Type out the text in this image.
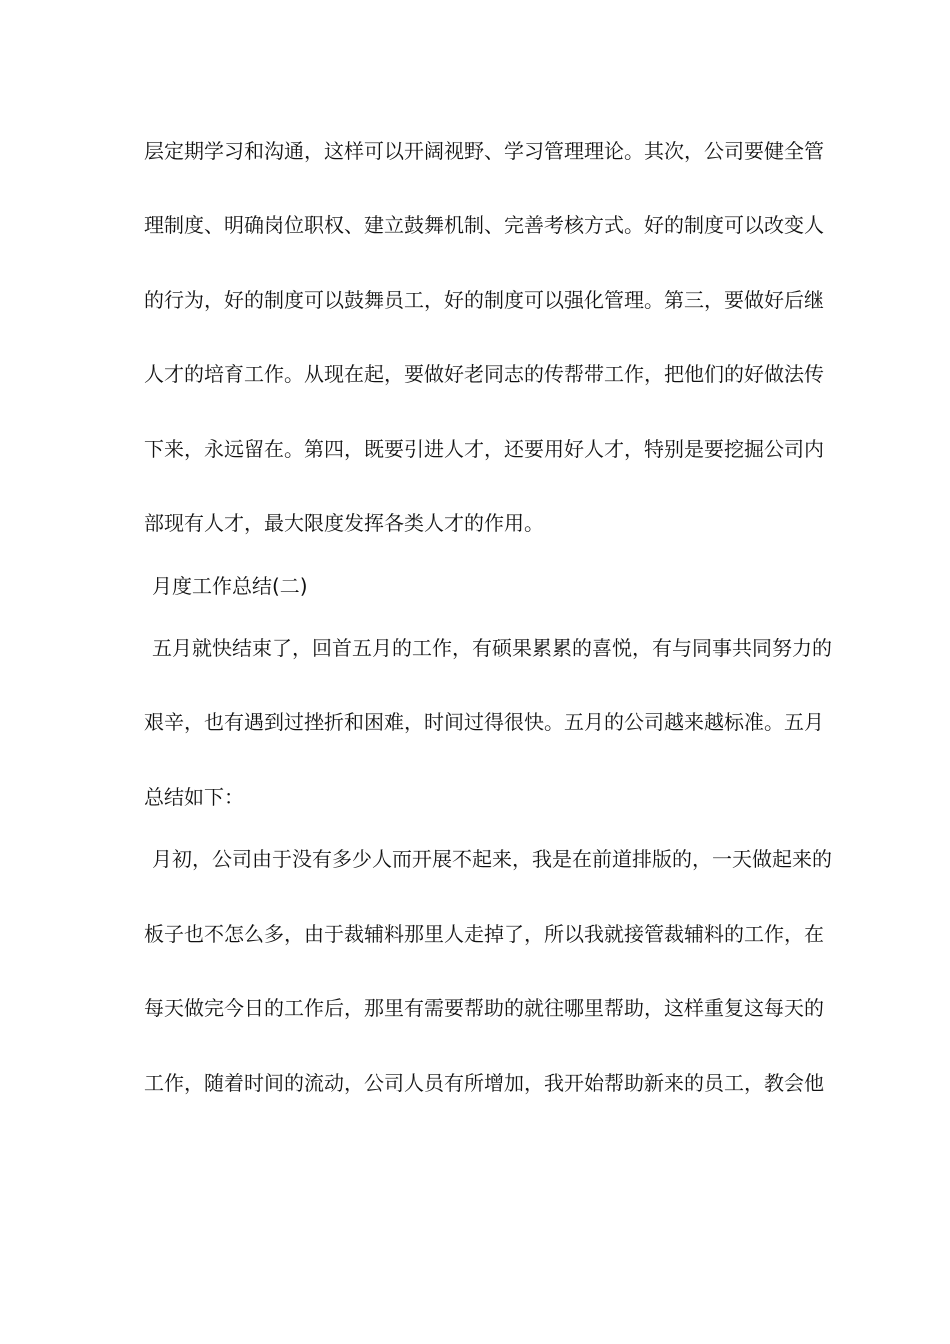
层定期学习和沟通，这样可以开阔视野、学习管理理论。其次，公司要健全管
理制度、明确岗位职权、建立鼓舞机制、完善考核方式。好的制度可以改变人
的行为，好的制度可以鼓舞员工，好的制度可以强化管理。第三，要做好后继
人才的培育工作。从现在起，要做好老同志的传帮带工作，把他们的好做法传
下来，永远留在。第四，既要引进人才，还要用好人才，特别是要挖掘公司内
部现有人才，最大限度发挥各类人才的作用。
月度工作总结(二)
五月就快结束了，回首五月的工作，有硕果累累的喜悦，有与同事共同努力的
艰辛，也有遇到过挫折和困难，时间过得很快。五月的公司越来越标准。五月
总结如下：
月初，公司由于没有多少人而开展不起来，我是在前道排版的，一天做起来的
板子也不怎么多，由于裁辅料那里人走掉了，所以我就接管裁辅料的工作，在
每天做完今日的工作后，那里有需要帮助的就往哪里帮助，这样重复这每天的
工作，随着时间的流动，公司人员有所增加，我开始帮助新来的员工，教会他
